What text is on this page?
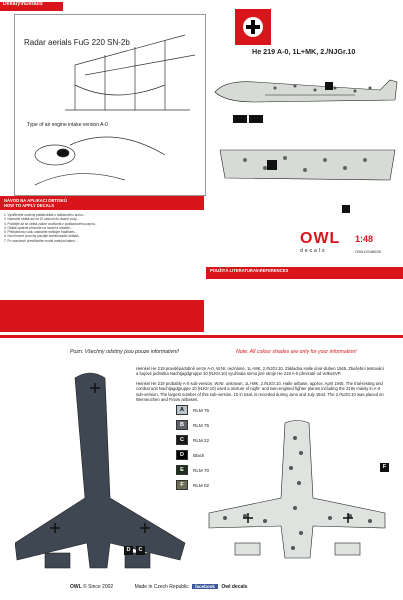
Dekály\nDetails
Radar aerials FuG 220 SN-2b
Type of air engine intake version A-0
He 219 A-0, 1L+MK, 2./NJGr.10
NÁVOD NA APLIKACI OBTISKŮ
HOW TO APPLY DECALS
1. Vystřihněte zvolený potisk/obtisk z obtiskového archu...
2. Namočte obtisk asi na 10 sekund do vlažné vody...
3. Počkejte až se obtisk začne uvolňovat z podkladového papíru...
4. Obtisk opatrně přesuňte na model a uhlaďte...
5. Přebytečnou vodu odstraňte měkkým hadříkem...
6. Na nerovné povrchy použijte změkčovadlo obtisků...
7. Po zaschnutí přestříkněte model matným lakem...	OWL
decals
1:48
OWLDS48035
POUŽITÁ LITERATURA\nREFERENCES
Pozn. Všechny odstíny jsou pouze informativní!	Note: All colour shades are only for your information!

Heinkel He 219 pravděpodobně verze A-0, W.Nr. neznámé, 1L+MK, 2./NJGr.10. Základna Halle únor-duben 1945. Zkušební testování a bojové jednotka Nachtjagdgruppe 10 (NJGr.10) využívala mimo jiné stroje He 219 A-0 převzaté od velkoSVP.

Heinkel He 219 probably A-0 sub-version, W.Nr. unknown, 1L+MK, 2./NJGr.10. Halle airbase, approx. April 1945. The trial-testing and combat unit Nachtjagdgruppe 10 (NJGr.10) used a mixture of night- and twin-engined fighter planes including the 219s mainly in A-0 sub-version. The largest number of this sub-version, 10 in total, is recorded during June and July 1944. The 2./NJGr.10 was placed on Werneuchen and Finow airbases.

D	C
A	RLM 76
B	RLM 75
C	RLM 22
D	Black
E	RLM 70
F	RLM 02
F
OWL © Since 2002	Made in Czech Republic facebook Owl decals
